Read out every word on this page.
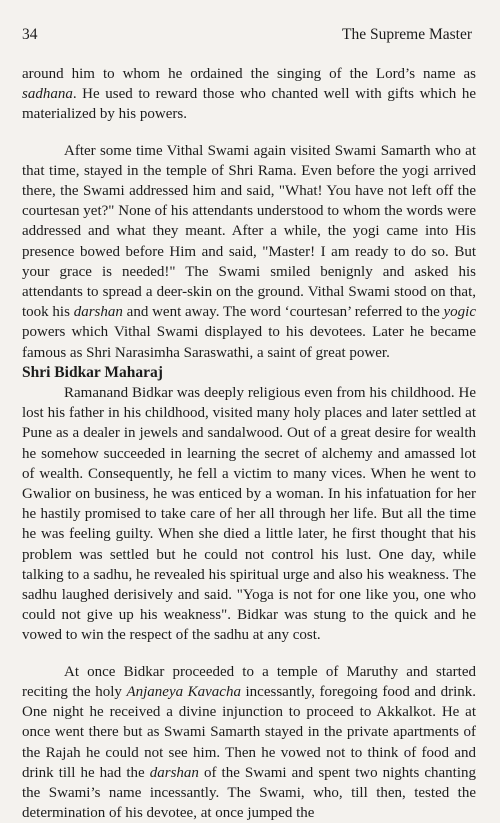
34	The Supreme Master

around him to whom he ordained the singing of the Lord’s name as sadhana. He used to reward those who chanted well with gifts which he materialized by his powers.

After some time Vithal Swami again visited Swami Samarth who at that time, stayed in the temple of Shri Rama. Even before the yogi arrived there, the Swami addressed him and said, "What! You have not left off the courtesan yet?" None of his attendants understood to whom the words were addressed and what they meant. After a while, the yogi came into His presence bowed before Him and said, "Master! I am ready to do so. But your grace is needed!" The Swami smiled benignly and asked his attendants to spread a deer-skin on the ground. Vithal Swami stood on that, took his darshan and went away. The word ‘courtesan’ referred to the yogic powers which Vithal Swami displayed to his devotees. Later he became famous as Shri Narasimha Saraswathi, a saint of great power.

Shri Bidkar Maharaj

Ramanand Bidkar was deeply religious even from his childhood. He lost his father in his childhood, visited many holy places and later settled at Pune as a dealer in jewels and sandalwood. Out of a great desire for wealth he somehow succeeded in learning the secret of alchemy and amassed lot of wealth. Consequently, he fell a victim to many vices. When he went to Gwalior on business, he was enticed by a woman. In his infatuation for her he hastily promised to take care of her all through her life. But all the time he was feeling guilty. When she died a little later, he first thought that his problem was settled but he could not control his lust. One day, while talking to a sadhu, he revealed his spiritual urge and also his weakness. The sadhu laughed derisively and said. "Yoga is not for one like you, one who could not give up his weakness". Bidkar was stung to the quick and he vowed to win the respect of the sadhu at any cost.

At once Bidkar proceeded to a temple of Maruthy and started reciting the holy Anjaneya Kavacha incessantly, foregoing food and drink. One night he received a divine injunction to proceed to Akkalkot. He at once went there but as Swami Samarth stayed in the private apartments of the Rajah he could not see him. Then he vowed not to think of food and drink till he had the darshan of the Swami and spent two nights chanting the Swami’s name incessantly. The Swami, who, till then, tested the determination of his devotee, at once jumped the
